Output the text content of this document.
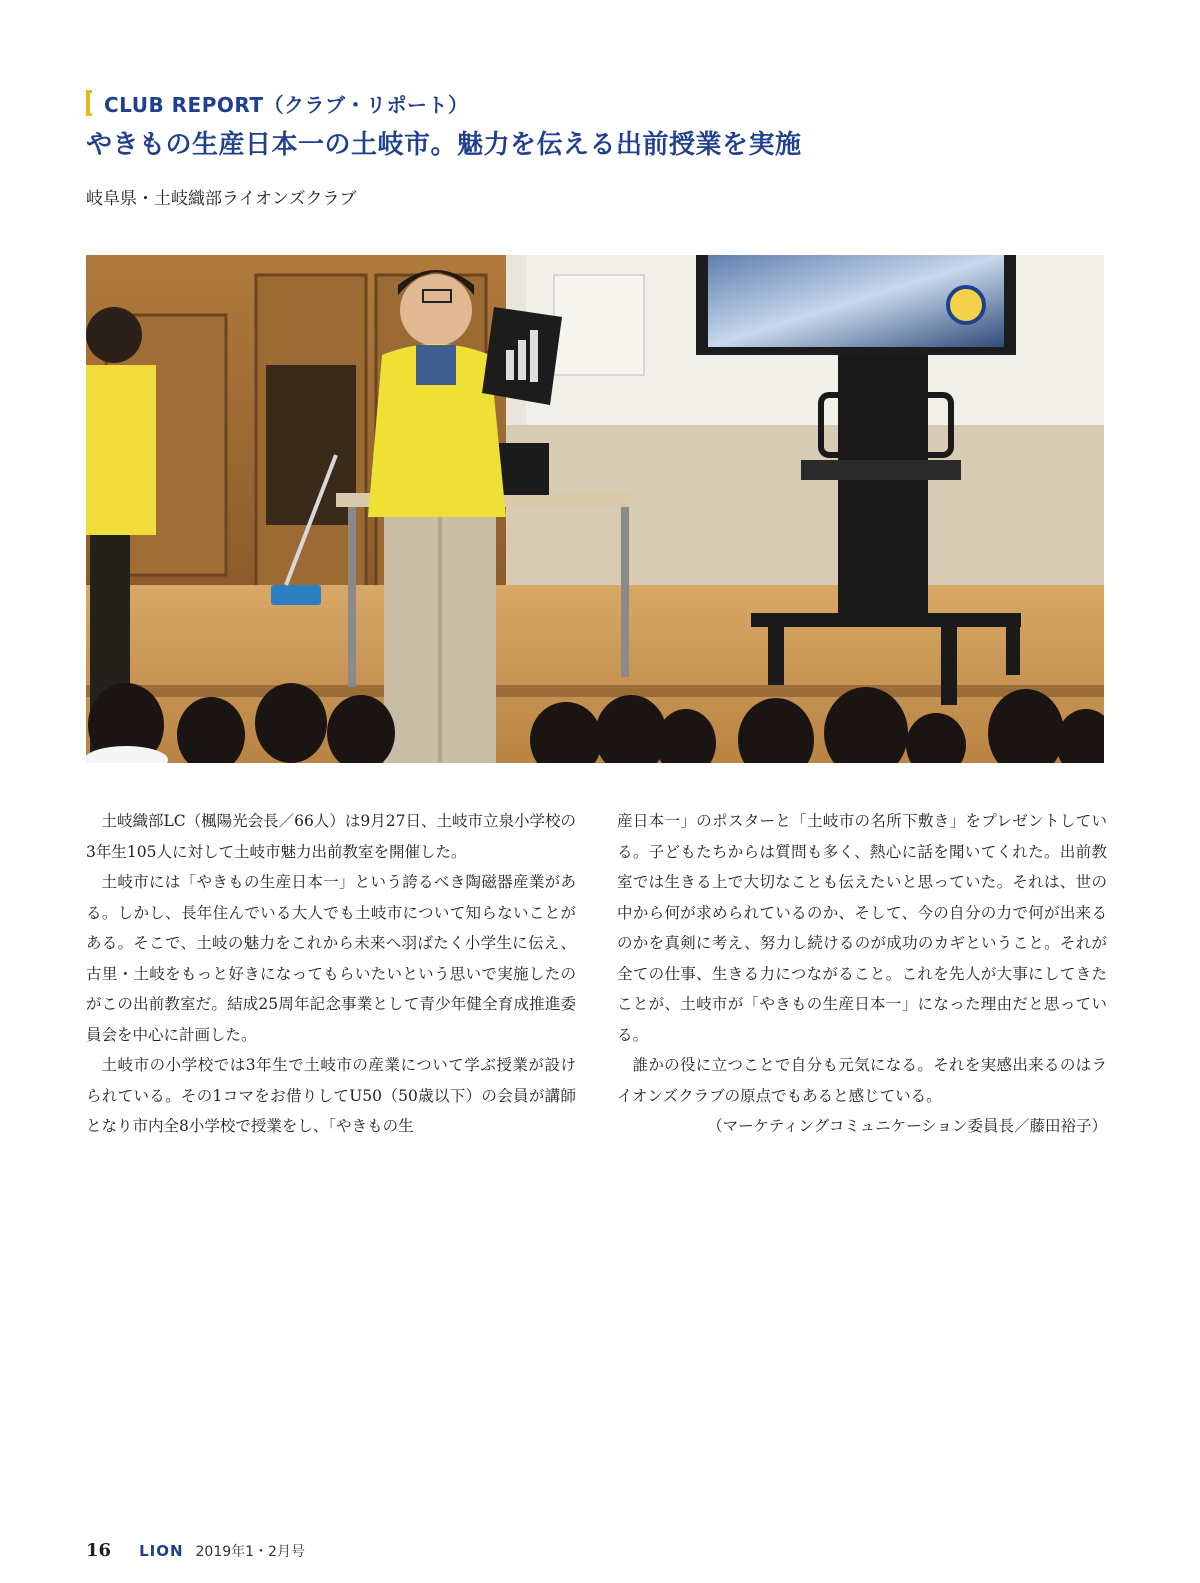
CLUB REPORT（クラブ・リポート）
やきもの生産日本一の土岐市。魅力を伝える出前授業を実施
岐阜県・土岐織部ライオンズクラブ

土岐織部LC（楓陽光会長／66人）は9月27日、土岐市立泉小学校の3年生105人に対して土岐市魅力出前教室を開催した。

土岐市には「やきもの生産日本一」という誇るべき陶磁器産業がある。しかし、長年住んでいる大人でも土岐市について知らないことがある。そこで、土岐の魅力をこれから未来へ羽ばたく小学生に伝え、古里・土岐をもっと好きになってもらいたいという思いで実施したのがこの出前教室だ。結成25周年記念事業として青少年健全育成推進委員会を中心に計画した。

土岐市の小学校では3年生で土岐市の産業について学ぶ授業が設けられている。その1コマをお借りしてU50（50歳以下）の会員が講師となり市内全8小学校で授業をし、「やきもの生

産日本一」のポスターと「土岐市の名所下敷き」をプレゼントしている。子どもたちからは質問も多く、熱心に話を聞いてくれた。出前教室では生きる上で大切なことも伝えたいと思っていた。それは、世の中から何が求められているのか、そして、今の自分の力で何が出来るのかを真剣に考え、努力し続けるのが成功のカギということ。それが全ての仕事、生きる力につながること。これを先人が大事にしてきたことが、土岐市が「やきもの生産日本一」になった理由だと思っている。

誰かの役に立つことで自分も元気になる。それを実感出来るのはライオンズクラブの原点でもあると感じている。

（マーケティングコミュニケーション委員長／藤田裕子）

16 LION 2019年1・2月号
